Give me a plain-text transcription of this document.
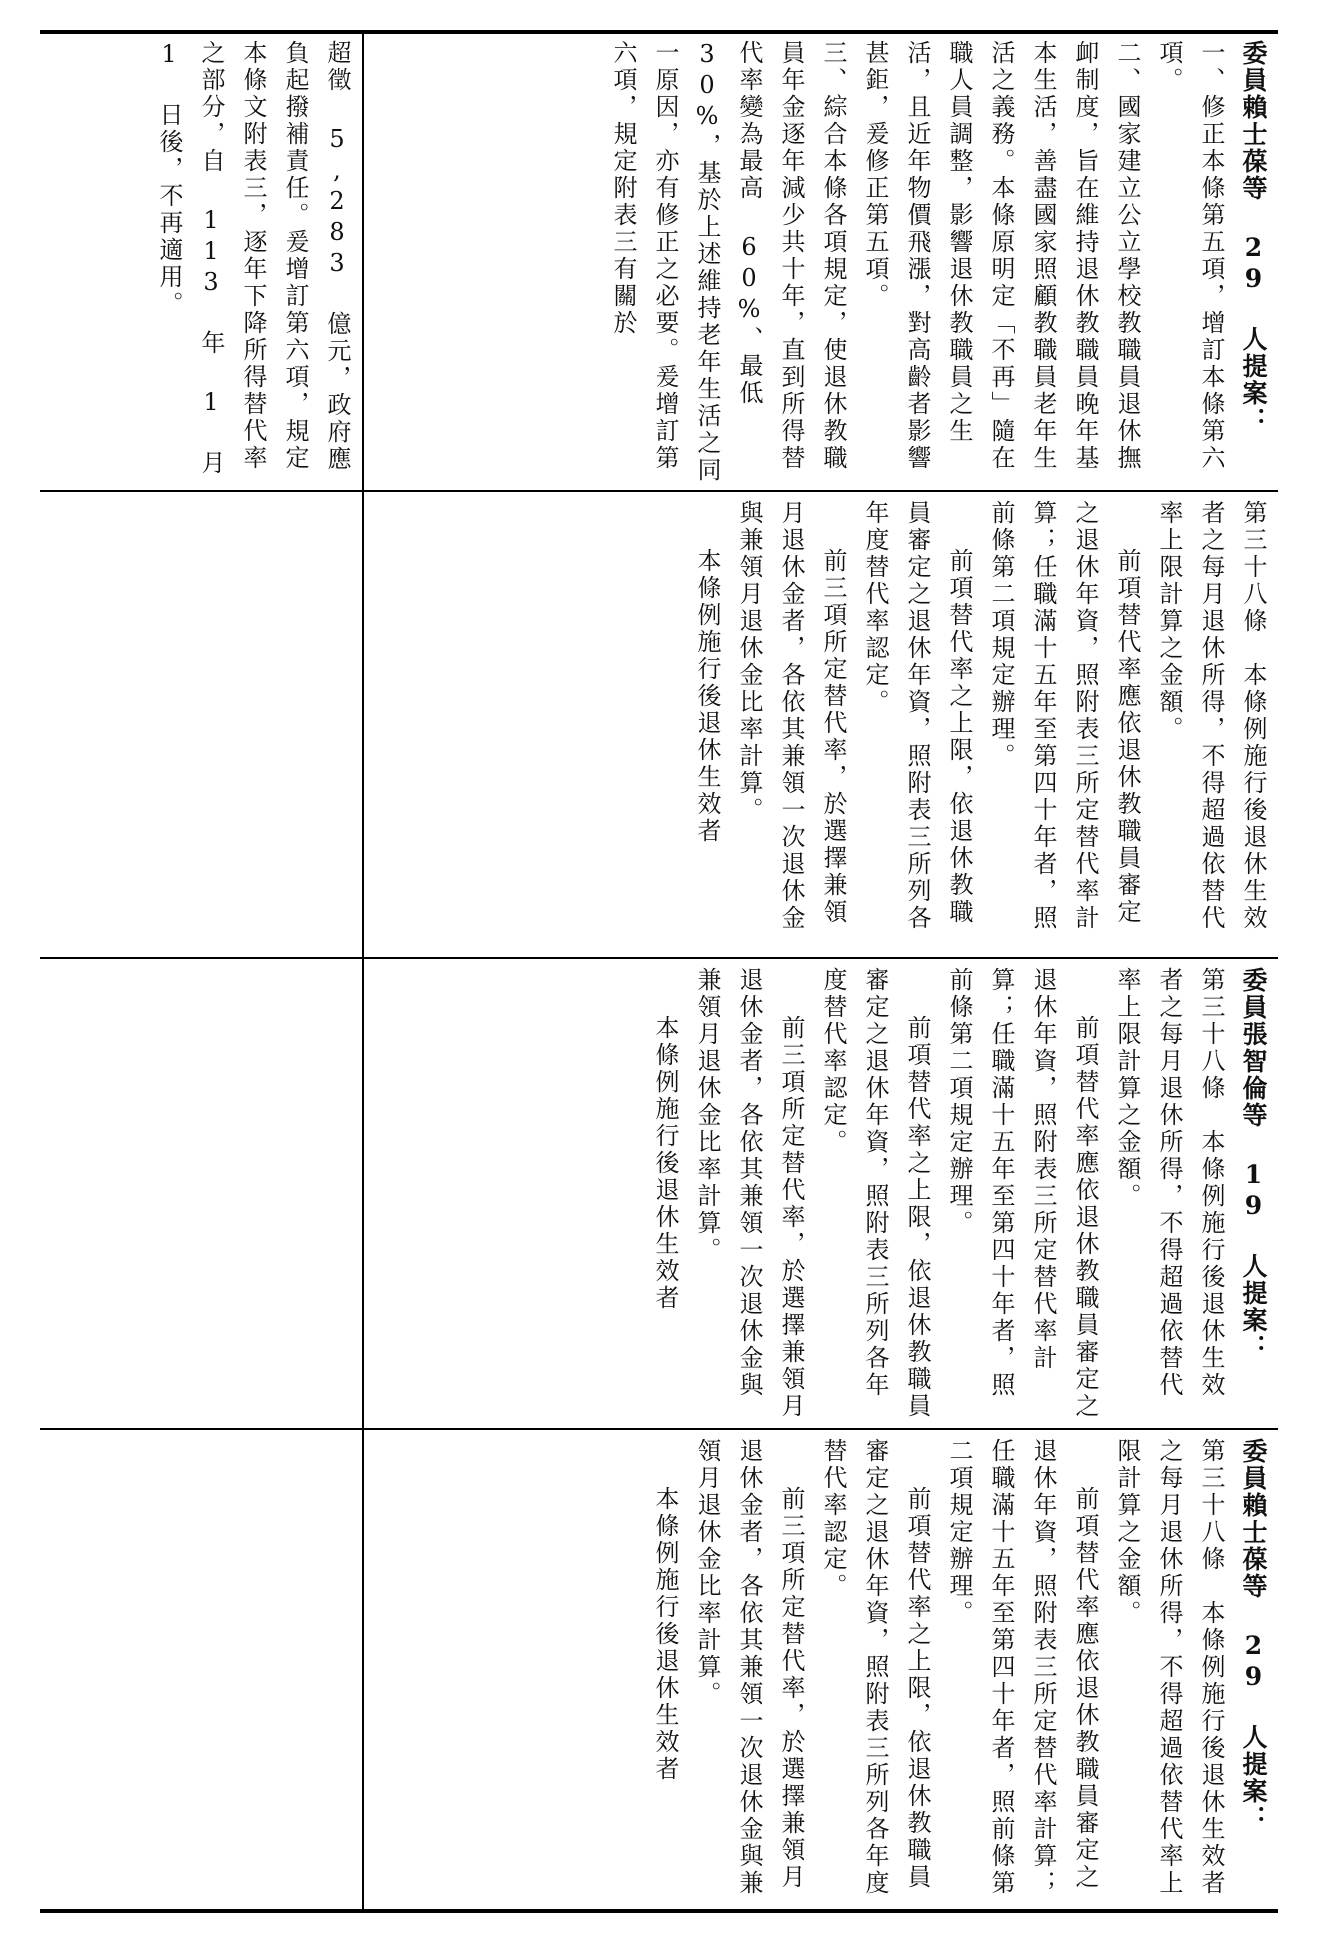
超徵 5,283 億元，政府應負起撥補責任。爰增訂第六項，規定本條文附表三，逐年下降所得替代率之部分，自 113 年 1 月 1 日後，不再適用。	委員賴士葆等 29 人提案：

一、修正本條第五項，增訂本條第六項。

二、國家建立公立學校教職員退休撫卹制度，旨在維持退休教職員晚年基本生活，善盡國家照顧教職員老年生活之義務。本條原明定「不再」隨在職人員調整，影響退休教職員之生活，且近年物價飛漲，對高齡者影響甚鉅，爰修正第五項。

三、綜合本條各項規定，使退休教職員年金逐年減少共十年，直到所得替代率變為最高 60%、最低 30%，基於上述維持老年生活之同一原因，亦有修正之必要。爰增訂第六項，規定附表三有關於

第三十八條　本條例施行後退休生效者之每月退休所得，不得超過依替代率上限計算之金額。

前項替代率應依退休教職員審定之退休年資，照附表三所定替代率計算；任職滿十五年至第四十年者，照前條第二項規定辦理。

前項替代率之上限，依退休教職員審定之退休年資，照附表三所列各年度替代率認定。

前三項所定替代率，於選擇兼領月退休金者，各依其兼領一次退休金與兼領月退休金比率計算。

本條例施行後退休生效者

委員張智倫等 19 人提案：

第三十八條　本條例施行後退休生效者之每月退休所得，不得超過依替代率上限計算之金額。

前項替代率應依退休教職員審定之退休年資，照附表三所定替代率計算；任職滿十五年至第四十年者，照前條第二項規定辦理。

前項替代率之上限，依退休教職員審定之退休年資，照附表三所列各年度替代率認定。

前三項所定替代率，於選擇兼領月退休金者，各依其兼領一次退休金與兼領月退休金比率計算。

本條例施行後退休生效者

委員賴士葆等 29 人提案：

第三十八條　本條例施行後退休生效者之每月退休所得，不得超過依替代率上限計算之金額。

前項替代率應依退休教職員審定之退休年資，照附表三所定替代率計算；任職滿十五年至第四十年者，照前條第二項規定辦理。

前項替代率之上限，依退休教職員審定之退休年資，照附表三所列各年度替代率認定。

前三項所定替代率，於選擇兼領月退休金者，各依其兼領一次退休金與兼領月退休金比率計算。

本條例施行後退休生效者
